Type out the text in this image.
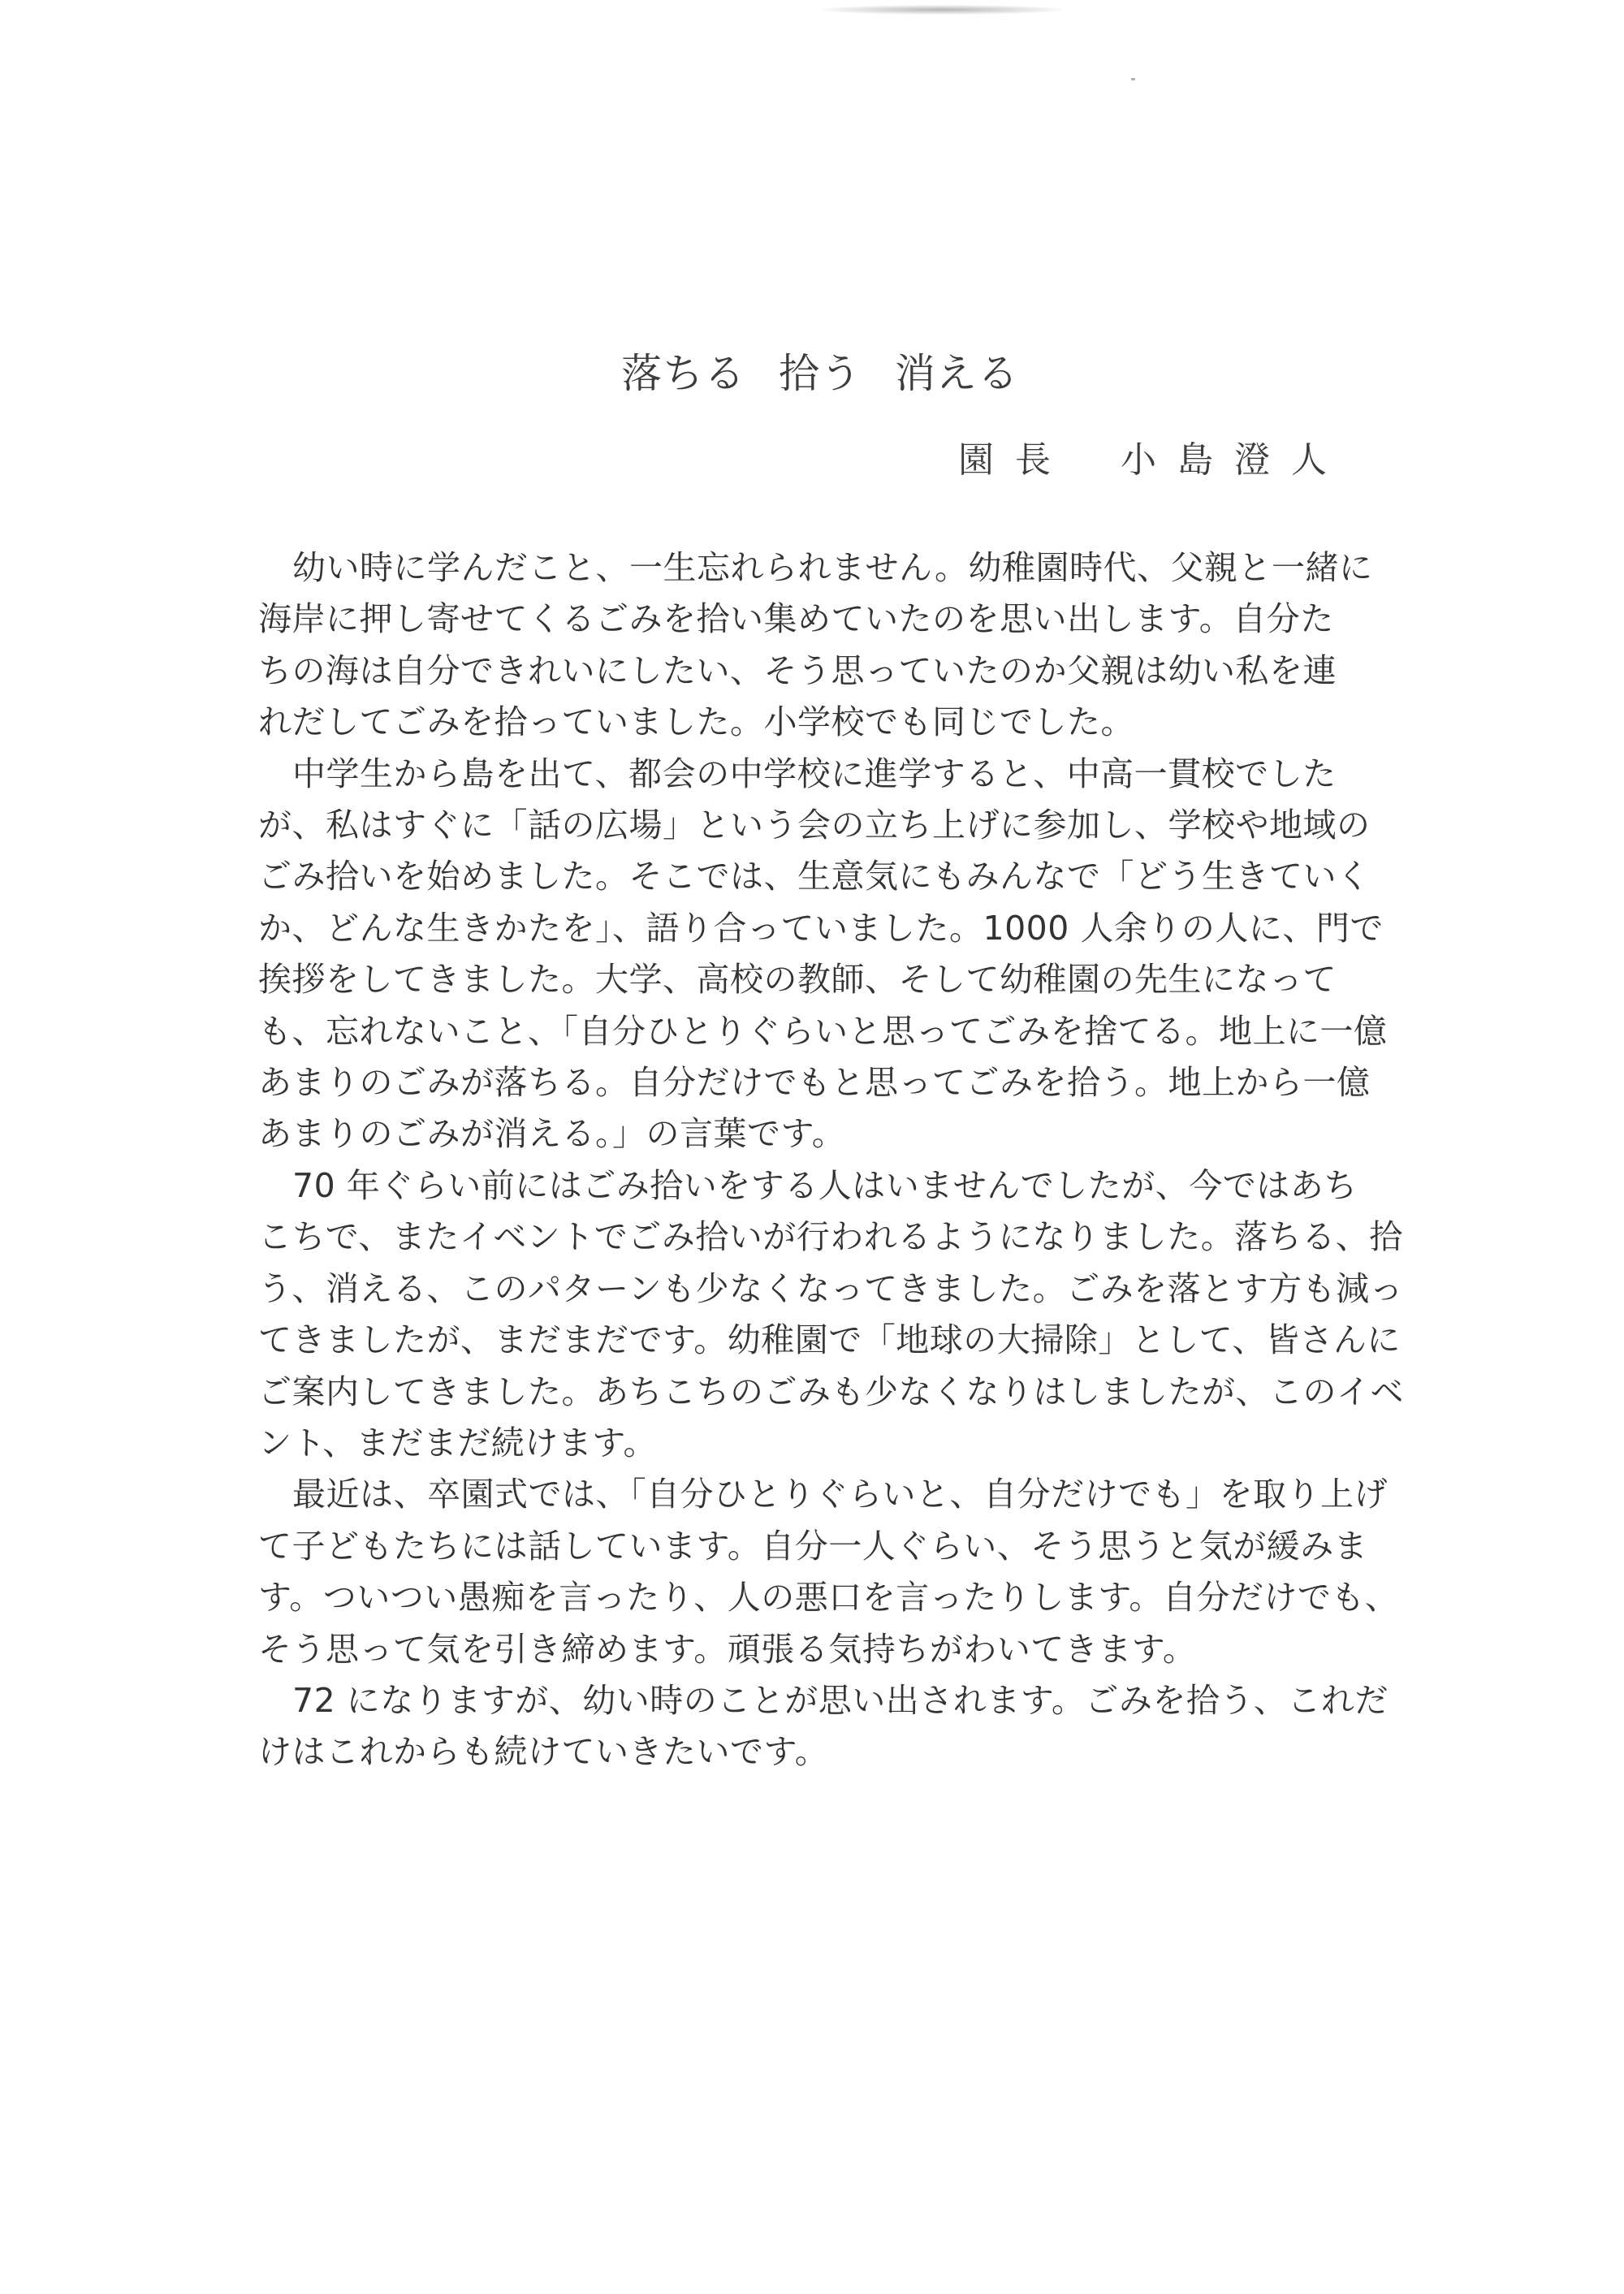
落ちる 拾う 消える
園長 小島澄人

幼い時に学んだこと、一生忘れられません。幼稚園時代、父親と一緒に
海岸に押し寄せてくるごみを拾い集めていたのを思い出します。自分た
ちの海は自分できれいにしたい、そう思っていたのか父親は幼い私を連
れだしてごみを拾っていました。小学校でも同じでした。

中学生から島を出て、都会の中学校に進学すると、中高一貫校でした
が、私はすぐに「話の広場」という会の立ち上げに参加し、学校や地域の
ごみ拾いを始めました。そこでは、生意気にもみんなで「どう生きていく
か、どんな生きかたを」、語り合っていました。1000 人余りの人に、門で
挨拶をしてきました。大学、高校の教師、そして幼稚園の先生になって
も、忘れないこと、「自分ひとりぐらいと思ってごみを捨てる。地上に一億
あまりのごみが落ちる。自分だけでもと思ってごみを拾う。地上から一億
あまりのごみが消える。」の言葉です。

70 年ぐらい前にはごみ拾いをする人はいませんでしたが、今ではあち
こちで、またイベントでごみ拾いが行われるようになりました。落ちる、拾
う、消える、このパターンも少なくなってきました。ごみを落とす方も減っ
てきましたが、まだまだです。幼稚園で「地球の大掃除」として、皆さんに
ご案内してきました。あちこちのごみも少なくなりはしましたが、このイベ
ント、まだまだ続けます。

最近は、卒園式では、「自分ひとりぐらいと、自分だけでも」を取り上げ
て子どもたちには話しています。自分一人ぐらい、そう思うと気が緩みま
す。ついつい愚痴を言ったり、人の悪口を言ったりします。自分だけでも、
そう思って気を引き締めます。頑張る気持ちがわいてきます。

72 になりますが、幼い時のことが思い出されます。ごみを拾う、これだ
けはこれからも続けていきたいです。
